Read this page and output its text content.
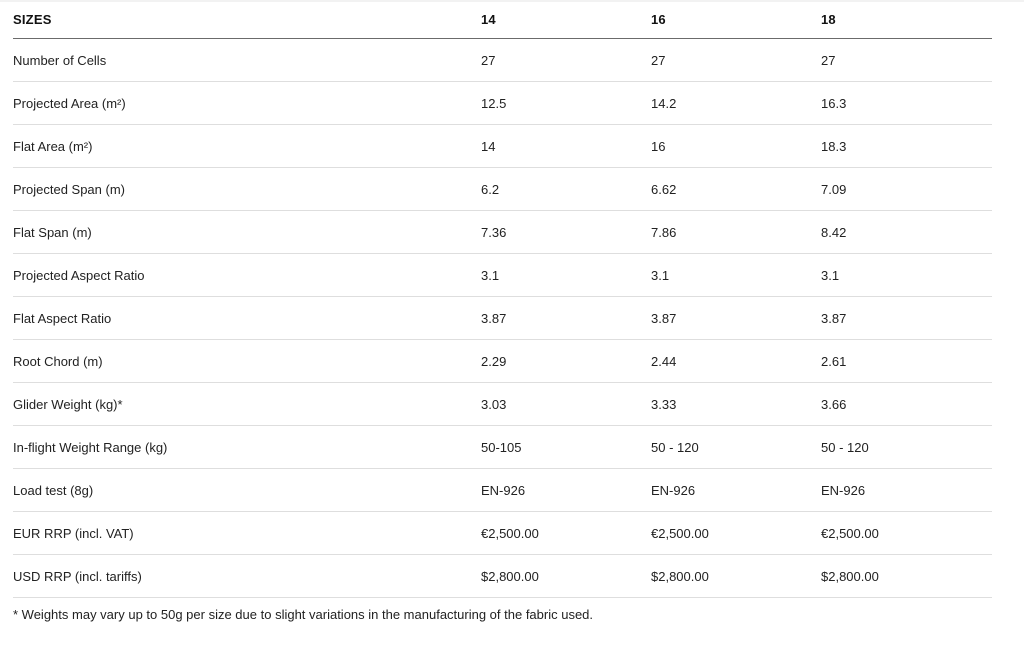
SIZES	14	16	18
Number of Cells	27	27	27
Projected Area (m²)	12.5	14.2	16.3
Flat Area (m²)	14	16	18.3
Projected Span (m)	6.2	6.62	7.09
Flat Span (m)	7.36	7.86	8.42
Projected Aspect Ratio	3.1	3.1	3.1
Flat Aspect Ratio	3.87	3.87	3.87
Root Chord (m)	2.29	2.44	2.61
Glider Weight (kg)*	3.03	3.33	3.66
In-flight Weight Range (kg)	50-105	50 - 120	50 - 120
Load test (8g)	EN-926	EN-926	EN-926
EUR RRP (incl. VAT)	€2,500.00	€2,500.00	€2,500.00
USD RRP (incl. tariffs)	$2,800.00	$2,800.00	$2,800.00
* Weights may vary up to 50g per size due to slight variations in the manufacturing of the fabric used.
